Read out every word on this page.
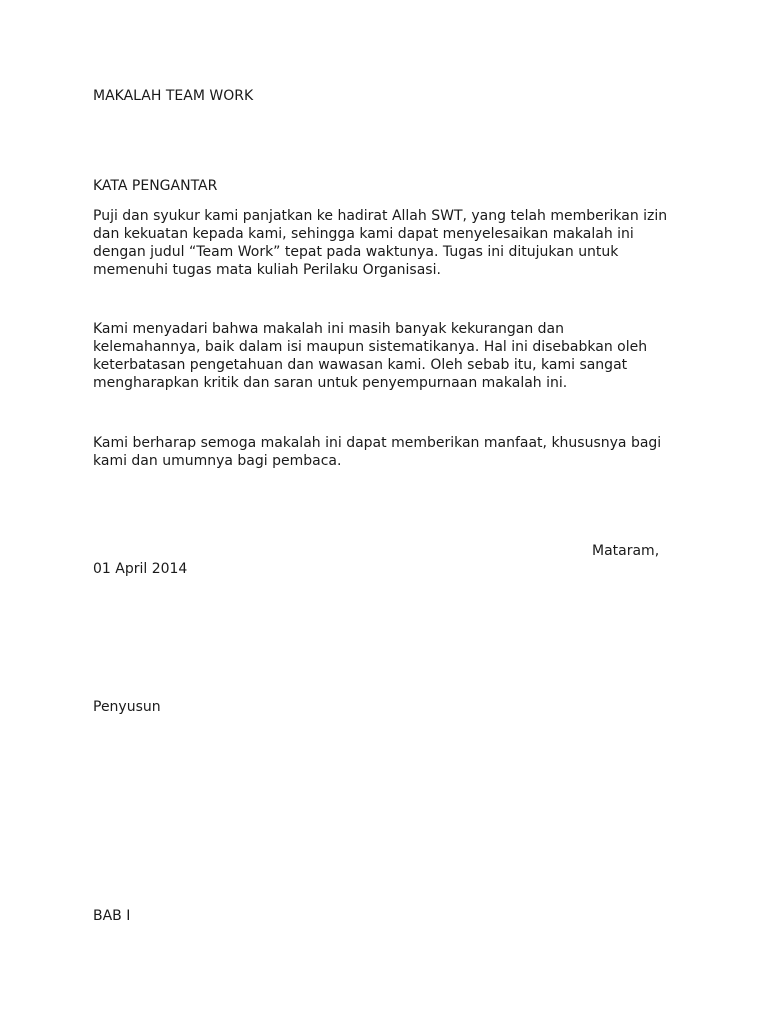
MAKALAH TEAM WORK
KATA PENGANTAR
Puji dan syukur kami panjatkan ke hadirat Allah SWT, yang telah memberikan izin
dan kekuatan kepada kami, sehingga kami dapat menyelesaikan makalah ini
dengan judul “Team Work” tepat pada waktunya. Tugas ini ditujukan untuk
memenuhi tugas mata kuliah Perilaku Organisasi.
Kami menyadari bahwa makalah ini masih banyak kekurangan dan
kelemahannya, baik dalam isi maupun sistematikanya. Hal ini disebabkan oleh
keterbatasan pengetahuan dan wawasan kami. Oleh sebab itu, kami sangat
mengharapkan kritik dan saran untuk penyempurnaan makalah ini.
Kami berharap semoga makalah ini dapat memberikan manfaat, khususnya bagi
kami dan umumnya bagi pembaca.
Mataram,
01 April 2014
Penyusun
BAB I
